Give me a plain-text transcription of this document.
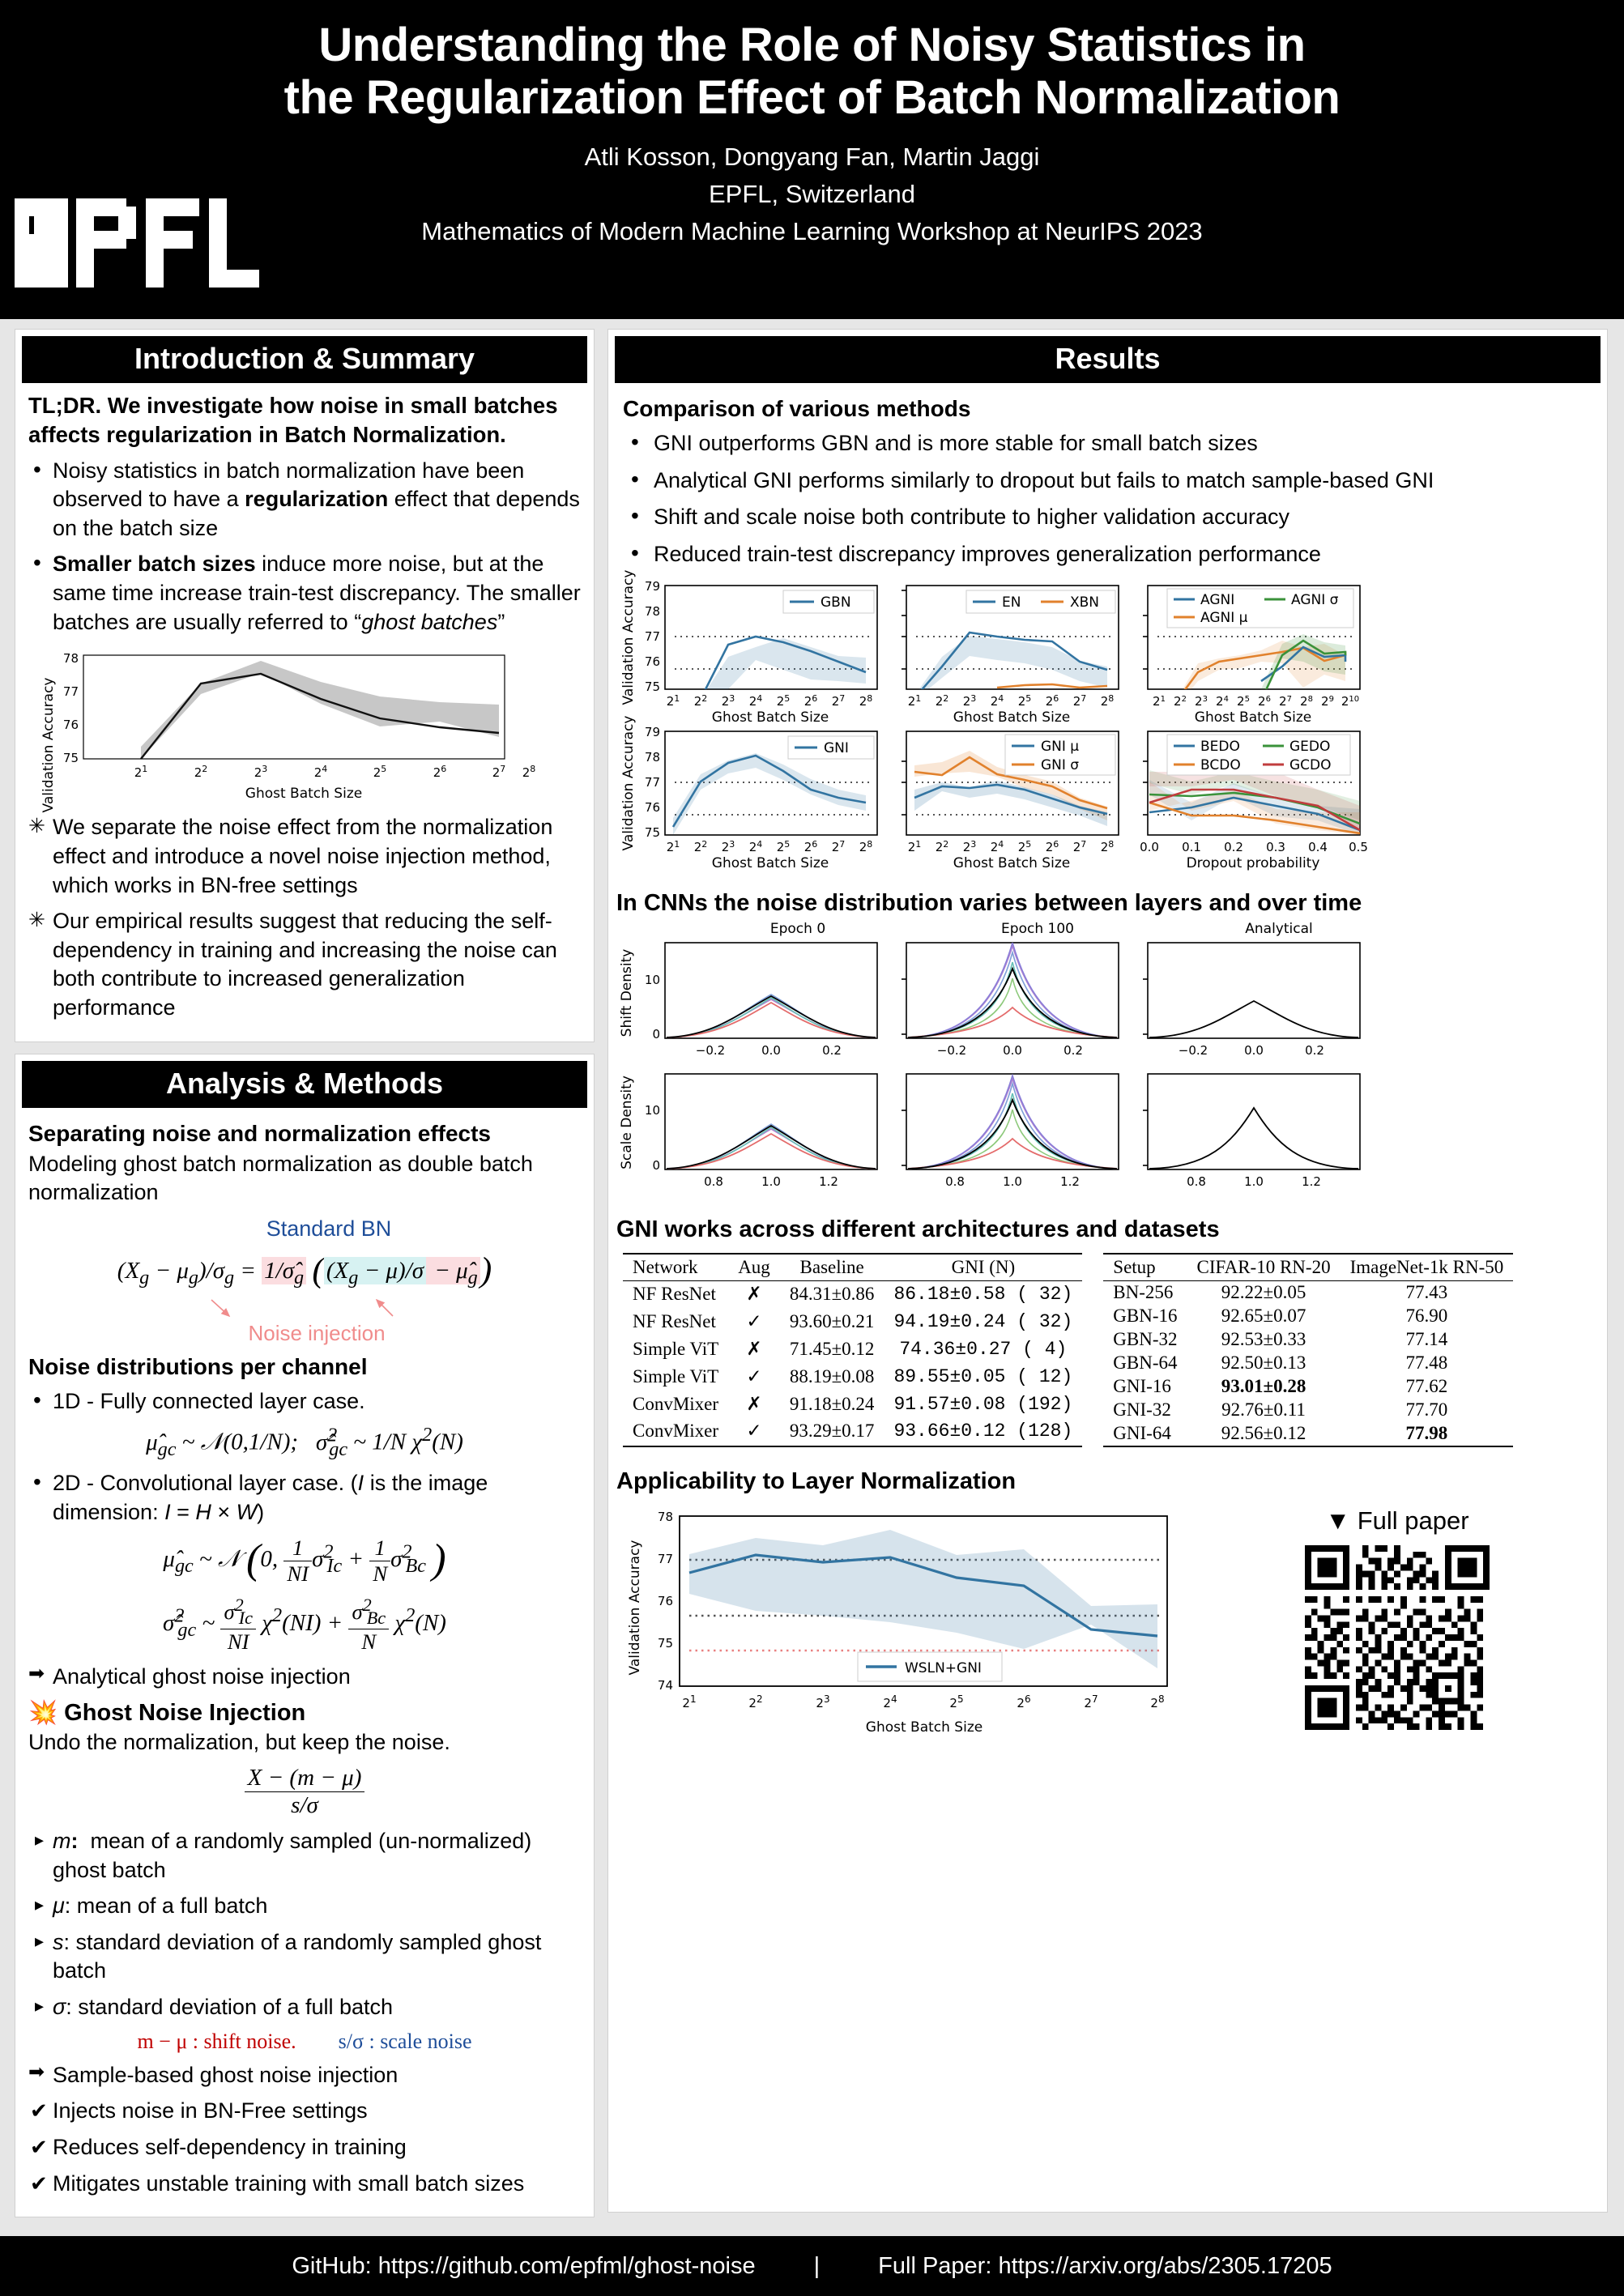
Understanding the Role of Noisy Statistics in
the Regularization Effect of Batch Normalization
Atli Kosson, Dongyang Fan, Martin Jaggi
EPFL, Switzerland
Mathematics of Modern Machine Learning Workshop at NeurIPS 2023
Introduction & Summary
TL;DR. We investigate how noise in small batches affects regularization in Batch Normalization.
• Noisy statistics in batch normalization have been observed to have a regularization effect that depends on the batch size
• Smaller batch sizes induce more noise, but at the same time increase train-test discrepancy. The smaller batches are usually referred to “ghost batches”
Validation Accuracy
78
77
76
75
$2^1$	$2^2$	$2^3$	$2^4$	$2^5$	$2^6$	$2^7$ $2^8$
Ghost Batch Size
✳ We separate the noise effect from the normalization effect and introduce a novel noise injection method, which works in BN-free settings
✳ Our empirical results suggest that reducing the self-dependency in training and increasing the noise can both contribute to increased generalization performance
Analysis & Methods
Separating noise and normalization effects
Modeling ghost batch normalization as double batch normalization
Standard BN
$(X_g - \mu_g)/\sigma_g$ = $1/\sigmâ_g$ ( $(X_g - \mu)/\sigma$ − $\mû_g$)
Noise injection
Noise distributions per channel
• 1D - Fully connected layer case.
$\mû_{gc}$ ~ 𝒩(0,1/N);   σ̂$^2_{gc}$ ~ 1/N $\chi^2(N)$
• 2D - Convolutional layer case. (I is the image dimension: I = H × W)
$\mû_{gc}$ ~ 𝒩 (0, $\frac{1}{NI} \sigma^2_{Ic} + \frac{1}{N} \sigma^2_{Bc}$ )
σ̂$^2_{gc}$ ~ $\frac{\sigma^2_{Ic}}{NI} \chi^2(NI) + \frac{\sigma^2_{Bc}}{N} \chi^2(N)$
➡ Analytical ghost noise injection
💥 Ghost Noise Injection
Undo the normalization, but keep the noise.
$\frac{X - (m - \mu)}{s/\sigma}$
▸ m:  mean of a randomly sampled (un-normalized) ghost batch
▸ μ: mean of a full batch
▸ s: standard deviation of a randomly sampled ghost batch
▸ σ: standard deviation of a full batch
m − μ : shift noise. s/σ : scale noise
➡ Sample-based ghost noise injection
✔ Injects noise in BN-Free settings
✔ Reduces self-dependency in training
✔ Mitigates unstable training with small batch sizes
Results
Comparison of various methods
• GNI outperforms GBN and is more stable for small batch sizes
• Analytical GNI performs similarly to dropout but fails to match sample-based GNI
• Shift and scale noise both contribute to higher validation accuracy
• Reduced train-test discrepancy improves generalization performance
Validation Accuracy 79
78
77
76
75
$2^1$ $2^2$ $2^3$ $2^4$ $2^5$ $2^6$ $2^7$ $2^8$
Ghost Batch Size
GBN
$2^1$ $2^2$ $2^3$ $2^4$ $2^5$ $2^6$ $2^7$ $2^8$
Ghost Batch Size
EN	XBN
$2^1$ $2^2$ $2^3$ $2^4$ $2^5$ $2^6$ $2^7$ $2^8$ $2^9$ $2^{10}$
Ghost Batch Size
AGNI
AGNI μ
AGNI σ
Validation Accuracy 79
78
77
76
75
$2^1$ $2^2$ $2^3$ $2^4$ $2^5$ $2^6$ $2^7$ $2^8$
GNI
$2^1$ $2^2$ $2^3$ $2^4$ $2^5$ $2^6$ $2^7$ $2^8$
GNI μ
GNI σ
0.0 0.1 0.2 0.3 0.4 0.5
BEDO
BCDO
GEDO
GCDO
Dropout probability
Ghost Batch Size	Ghost Batch Size
In CNNs the noise distribution varies between layers and over time
Epoch 0	Epoch 100	Analytical
Shift Density 10
0
−0.2	0.0	0.2	−0.2	0.0	0.2	−0.2	0.0	0.2
Scale Density 10
0
0.8	1.0	1.2	0.8	1.0	1.2	0.8	1.0	1.2
GNI works across different architectures and datasets
Network	Aug	Baseline	GNI (N)
NF ResNet	✗	84.31±0.86	86.18±0.58 ( 32)
NF ResNet	✓	93.60±0.21	94.19±0.24 ( 32)
Simple ViT	✗	71.45±0.12	74.36±0.27 ( 4)
Simple ViT	✓	88.19±0.08	89.55±0.05 ( 12)
ConvMixer	✗	91.18±0.24	91.57±0.08 (192)
ConvMixer	✓	93.29±0.17	93.66±0.12 (128)
Setup	CIFAR-10 RN-20	ImageNet-1k RN-50
BN-256	92.22±0.05	77.43
GBN-16	92.65±0.07	76.90
GBN-32	92.53±0.33	77.14
GBN-64	92.50±0.13	77.48
GNI-16	93.01±0.28	77.62
GNI-32	92.76±0.11	77.70
GNI-64	92.56±0.12	77.98
Applicability to Layer Normalization
Validation Accuracy
78
77
76
75
74
$2^1$	$2^2$	$2^3$	$2^4$	$2^5$	$2^6$	$2^7$	$2^8$
Ghost Batch Size
WSLN+GNI
▼ Full paper
GitHub: https://github.com/epfml/ghost-noise | Full Paper: https://arxiv.org/abs/2305.17205
